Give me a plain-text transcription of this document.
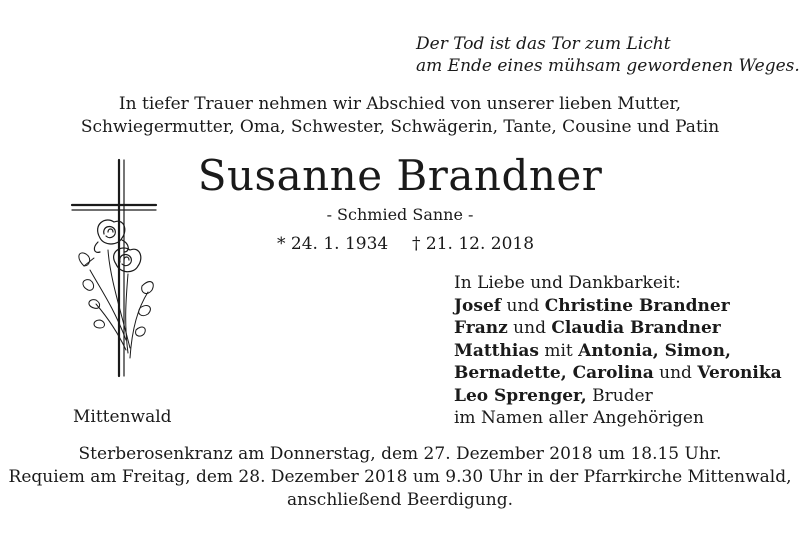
Der Tod ist das Tor zum Licht
am Ende eines mühsam gewordenen Weges.
In tiefer Trauer nehmen wir Abschied von unserer lieben Mutter,
Schwiegermutter, Oma, Schwester, Schwägerin, Tante, Cousine und Patin
Susanne Brandner
- Schmied Sanne -
* 24. 1. 1934 † 21. 12. 2018
Mittenwald
In Liebe und Dankbarkeit:
Josef und Christine Brandner
Franz und Claudia Brandner
Matthias mit Antonia, Simon,
Bernadette, Carolina und Veronika
Leo Sprenger, Bruder
im Namen aller Angehörigen
Sterberosenkranz am Donnerstag, dem 27. Dezember 2018 um 18.15 Uhr.
Requiem am Freitag, dem 28. Dezember 2018 um 9.30 Uhr in der Pfarrkirche Mittenwald,
anschließend Beerdigung.
